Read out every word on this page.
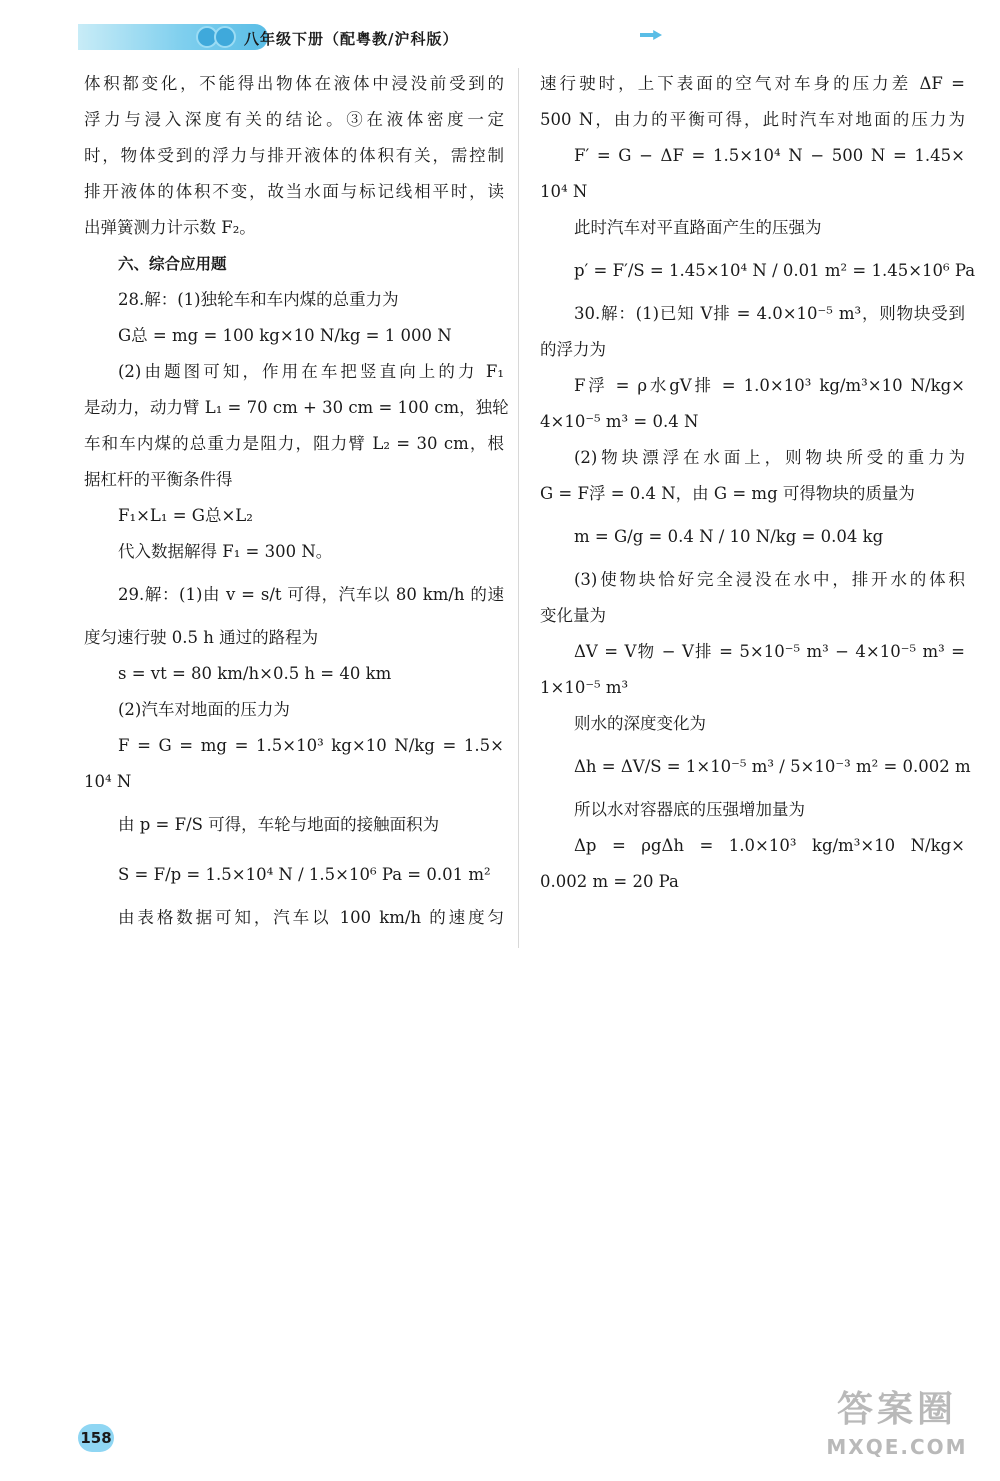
八年级下册（配粤教/沪科版）
体积都变化，不能得出物体在液体中浸没前受到的
浮力与浸入深度有关的结论。③在液体密度一定
时，物体受到的浮力与排开液体的体积有关，需控制
排开液体的体积不变，故当水面与标记线相平时，读
出弹簧测力计示数 F₂。
六、综合应用题
28.解：(1)独轮车和车内煤的总重力为
G总 = mg = 100 kg×10 N/kg = 1 000 N
(2)由题图可知，作用在车把竖直向上的力 F₁
是动力，动力臂 L₁ = 70 cm + 30 cm = 100 cm，独轮
车和车内煤的总重力是阻力，阻力臂 L₂ = 30 cm，根
据杠杆的平衡条件得
F₁×L₁ = G总×L₂
代入数据解得 F₁ = 300 N。
29.解：(1)由 v = s/t 可得，汽车以 80 km/h 的速
度匀速行驶 0.5 h 通过的路程为
s = vt = 80 km/h×0.5 h = 40 km
(2)汽车对地面的压力为
F = G = mg = 1.5×10³ kg×10 N/kg = 1.5×
10⁴ N
由 p = F/S 可得，车轮与地面的接触面积为
S = F/p = 1.5×10⁴ N / 1.5×10⁶ Pa = 0.01 m²
由表格数据可知，汽车以 100 km/h 的速度匀
速行驶时，上下表面的空气对车身的压力差 ΔF =
500 N，由力的平衡可得，此时汽车对地面的压力为
F′ = G − ΔF = 1.5×10⁴ N − 500 N = 1.45×
10⁴ N
此时汽车对平直路面产生的压强为
p′ = F′/S = 1.45×10⁴ N / 0.01 m² = 1.45×10⁶ Pa
30.解：(1)已知 V排 = 4.0×10⁻⁵ m³，则物块受到
的浮力为
F浮 = ρ水gV排 = 1.0×10³ kg/m³×10 N/kg×
4×10⁻⁵ m³ = 0.4 N
(2)物块漂浮在水面上，则物块所受的重力为
G = F浮 = 0.4 N，由 G = mg 可得物块的质量为
m = G/g = 0.4 N / 10 N/kg = 0.04 kg
(3)使物块恰好完全浸没在水中，排开水的体积
变化量为
ΔV = V物 − V排 = 5×10⁻⁵ m³ − 4×10⁻⁵ m³ =
1×10⁻⁵ m³
则水的深度变化为
Δh = ΔV/S = 1×10⁻⁵ m³ / 5×10⁻³ m² = 0.002 m
所以水对容器底的压强增加量为
Δp = ρgΔh = 1.0×10³ kg/m³×10 N/kg×
0.002 m = 20 Pa
158
答案圈
MXQE.COM
